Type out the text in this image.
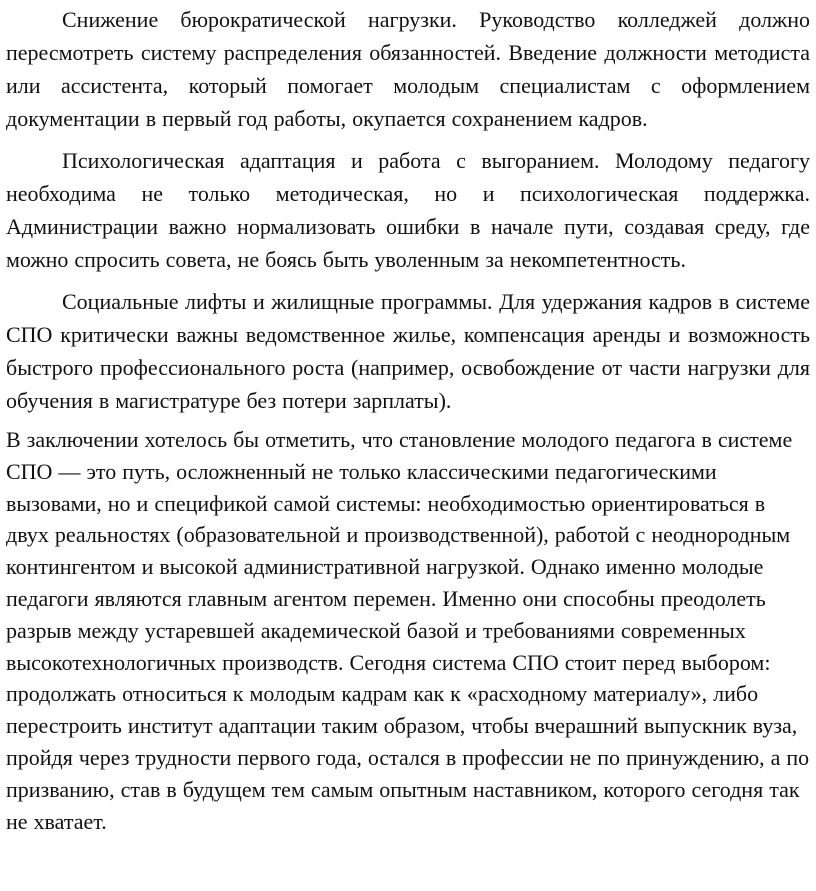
Снижение бюрократической нагрузки. Руководство колледжей должно пересмотреть систему распределения обязанностей. Введение должности методиста или ассистента, который помогает молодым специалистам с оформлением документации в первый год работы, окупается сохранением кадров.

Психологическая адаптация и работа с выгоранием. Молодому педагогу необходима не только методическая, но и психологическая поддержка. Администрации важно нормализовать ошибки в начале пути, создавая среду, где можно спросить совета, не боясь быть уволенным за некомпетентность.

Социальные лифты и жилищные программы. Для удержания кадров в системе СПО критически важны ведомственное жилье, компенсация аренды и возможность быстрого профессионального роста (например, освобождение от части нагрузки для обучения в магистратуре без потери зарплаты).

В заключении хотелось бы отметить, что становление молодого педагога в системе СПО — это путь, осложненный не только классическими педагогическими вызовами, но и спецификой самой системы: необходимостью ориентироваться в двух реальностях (образовательной и производственной), работой с неоднородным контингентом и высокой административной нагрузкой. Однако именно молодые педагоги являются главным агентом перемен. Именно они способны преодолеть разрыв между устаревшей академической базой и требованиями современных высокотехнологичных производств. Сегодня система СПО стоит перед выбором: продолжать относиться к молодым кадрам как к «расходному материалу», либо перестроить институт адаптации таким образом, чтобы вчерашний выпускник вуза, пройдя через трудности первого года, остался в профессии не по принуждению, а по призванию, став в будущем тем самым опытным наставником, которого сегодня так не хватает.
